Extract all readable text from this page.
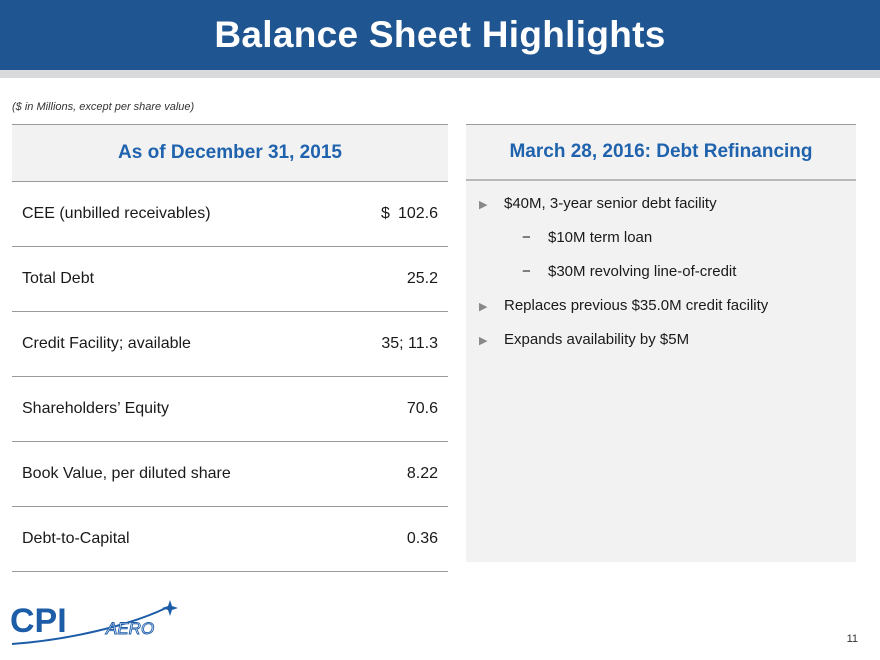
Balance Sheet Highlights
($ in Millions, except per share value)
As of December 31, 2015
CEE (unbilled receivables)	$ 102.6
Total Debt	25.2
Credit Facility; available	35; 11.3
Shareholders’ Equity	70.6
Book Value, per diluted share	8.22
Debt-to-Capital	0.36
March 28, 2016: Debt Refinancing
▶ $40M, 3-year senior debt facility
− $10M term loan
− $30M revolving line-of-credit
▶ Replaces previous $35.0M credit facility
▶ Expands availability by $5M
CPI AERO
11
